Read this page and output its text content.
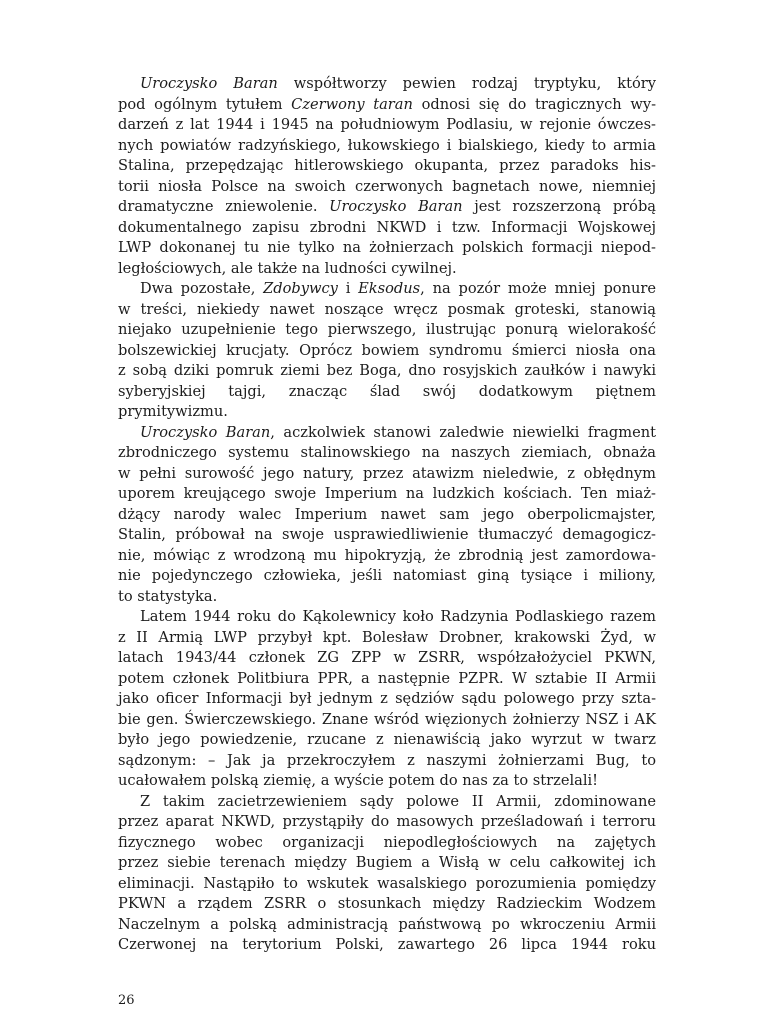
Uroczysko Baran współtworzy pewien rodzaj tryptyku, który
pod ogólnym tytułem Czerwony taran odnosi się do tragicznych wy-
darzeń z lat 1944 i 1945 na południowym Podlasiu, w rejonie ówczes-
nych powiatów radzyńskiego, łukowskiego i bialskiego, kiedy to armia
Stalina, przepędzając hitlerowskiego okupanta, przez paradoks his-
torii niosła Polsce na swoich czerwonych bagnetach nowe, niemniej
dramatyczne zniewolenie. Uroczysko Baran jest rozszerzoną próbą
dokumentalnego zapisu zbrodni NKWD i tzw. Informacji Wojskowej
LWP dokonanej tu nie tylko na żołnierzach polskich formacji niepod-
ległościowych, ale także na ludności cywilnej.
Dwa pozostałe, Zdobywcy i Eksodus, na pozór może mniej ponure
w treści, niekiedy nawet noszące wręcz posmak groteski, stanowią
niejako uzupełnienie tego pierwszego, ilustrując ponurą wielorakość
bolszewickiej krucjaty. Oprócz bowiem syndromu śmierci niosła ona
z sobą dziki pomruk ziemi bez Boga, dno rosyjskich zaułków i nawyki
syberyjskiej tajgi, znacząc ślad swój dodatkowym piętnem
prymitywizmu.
Uroczysko Baran, aczkolwiek stanowi zaledwie niewielki fragment
zbrodniczego systemu stalinowskiego na naszych ziemiach, obnaża
w pełni surowość jego natury, przez atawizm nieledwie, z obłędnym
uporem kreującego swoje Imperium na ludzkich kościach. Ten miaż-
dżący narody walec Imperium nawet sam jego oberpolicmajster,
Stalin, próbował na swoje usprawiedliwienie tłumaczyć demagogicz-
nie, mówiąc z wrodzoną mu hipokryzją, że zbrodnią jest zamordowa-
nie pojedynczego człowieka, jeśli natomiast giną tysiące i miliony,
to statystyka.
Latem 1944 roku do Kąkolewnicy koło Radzynia Podlaskiego razem
z II Armią LWP przybył kpt. Bolesław Drobner, krakowski Żyd, w
latach 1943/44 członek ZG ZPP w ZSRR, współzałożyciel PKWN,
potem członek Politbiura PPR, a następnie PZPR. W sztabie II Armii
jako oficer Informacji był jednym z sędziów sądu polowego przy szta-
bie gen. Świerczewskiego. Znane wśród więzionych żołnierzy NSZ i AK
było jego powiedzenie, rzucane z nienawiścią jako wyrzut w twarz
sądzonym: – Jak ja przekroczyłem z naszymi żołnierzami Bug, to
ucałowałem polską ziemię, a wyście potem do nas za to strzelali!
Z takim zacietrzewieniem sądy polowe II Armii, zdominowane
przez aparat NKWD, przystąpiły do masowych prześladowań i terroru
fizycznego wobec organizacji niepodległościowych na zajętych
przez siebie terenach między Bugiem a Wisłą w celu całkowitej ich
eliminacji. Nastąpiło to wskutek wasalskiego porozumienia pomiędzy
PKWN a rządem ZSRR o stosunkach między Radzieckim Wodzem
Naczelnym a polską administracją państwową po wkroczeniu Armii
Czerwonej na terytorium Polski, zawartego 26 lipca 1944 roku
26
